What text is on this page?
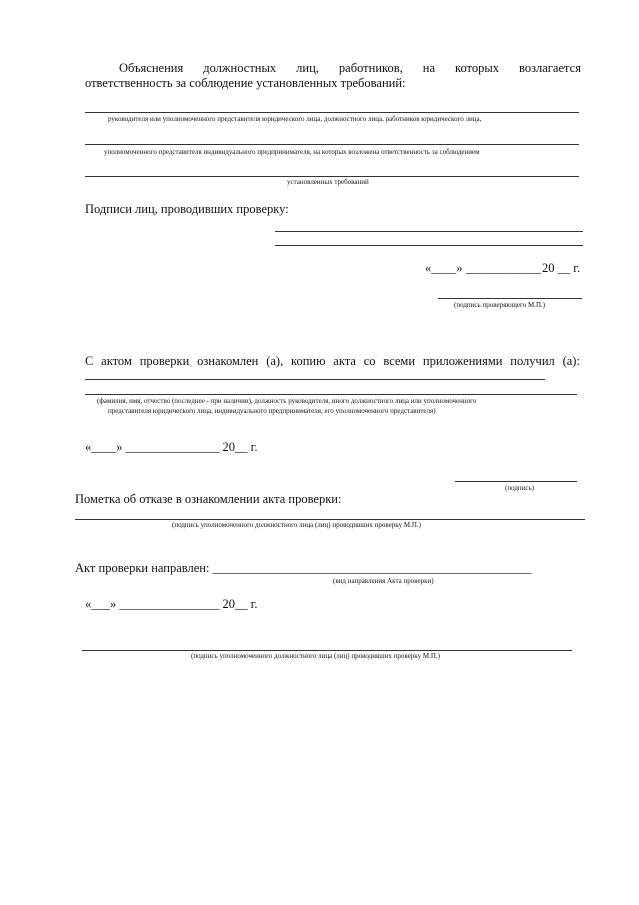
Объяснения должностных лиц, работников, на которых возлагается
ответственность за соблюдение установленных требований:
руководителя или уполномоченного представителя юридического лица, должностного лица, работников юридического лица,
уполномоченного представителя индивидуального предпринимателя, на которых возложена ответственность за соблюдением
установленных требований
Подписи лиц, проводивших проверку:
«____» ____________ 20 __ г.
(подпись проверяющего М.П.)
С актом проверки ознакомлен (а), копию акта со всеми приложениями получил (а):
(фамилия, имя, отчество (последнее - при наличии), должность руководителя, иного должностного лица или уполномоченного
представителя юридического лица, индивидуального предпринимателя, его уполномоченного представителя)
«____» _______________ 20__ г.
(подпись)
Пометка об отказе в ознакомлении акта проверки:
(подпись уполномоченного должностного лица (лиц) проводивших проверку М.П.)
Акт проверки направлен: ___________________________________________________
(вид направления Акта проверки)
«___» ________________ 20__ г.
(подпись уполномоченного должностного лица (лиц) проводивших проверку М.П.)
